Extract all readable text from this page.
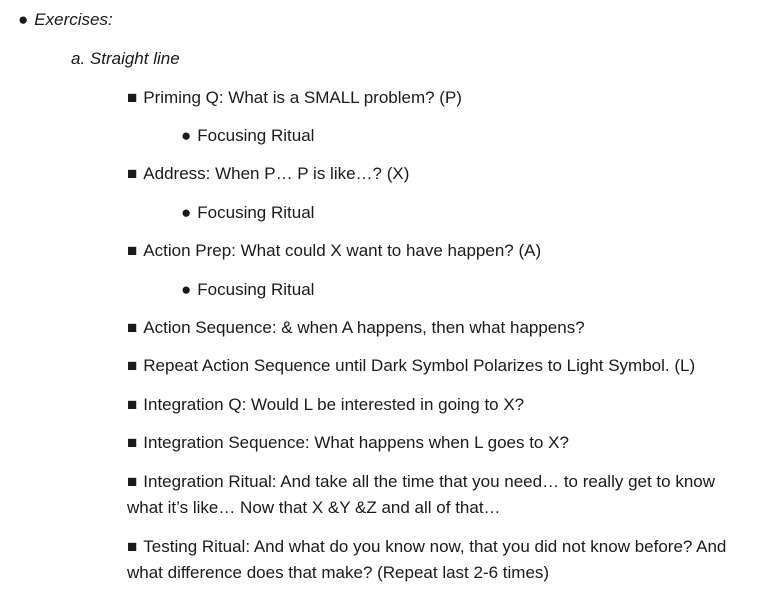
● Exercises:
a. Straight line
■ Priming Q: What is a SMALL problem? (P)
● Focusing Ritual
■ Address: When P… P is like…? (X)
● Focusing Ritual
■ Action Prep: What could X want to have happen? (A)
● Focusing Ritual
■ Action Sequence: & when A happens, then what happens?
■ Repeat Action Sequence until Dark Symbol Polarizes to Light Symbol. (L)
■ Integration Q: Would L be interested in going to X?
■ Integration Sequence: What happens when L goes to X?
■ Integration Ritual: And take all the time that you need… to really get to know what it’s like… Now that X &Y &Z and all of that…
■ Testing Ritual: And what do you know now, that you did not know before? And what difference does that make? (Repeat last 2-6 times)
